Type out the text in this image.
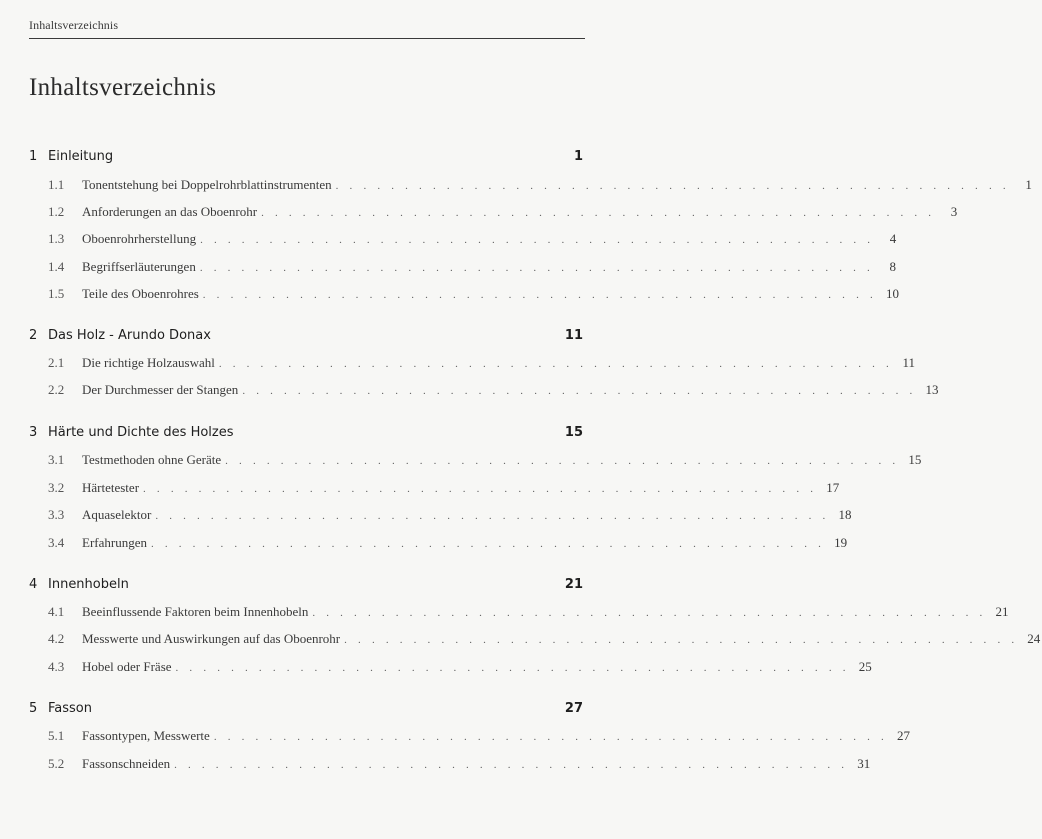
Inhaltsverzeichnis
Inhaltsverzeichnis
1 Einleitung	1
1.1	Tonentstehung bei Doppelrohrblattinstrumenten . . . . . . . . . . . . . . . . . . . . . . . . . . . . . . . . . . . . . . . . . . . . . . . . .	1
1.2	Anforderungen an das Oboenrohr . . . . . . . . . . . . . . . . . . . . . . . . . . . . . . . . . . . . . . . . . . . . . . . . .	3
1.3	Oboenrohrherstellung . . . . . . . . . . . . . . . . . . . . . . . . . . . . . . . . . . . . . . . . . . . . . . . . .	4
1.4	Begriffserläuterungen . . . . . . . . . . . . . . . . . . . . . . . . . . . . . . . . . . . . . . . . . . . . . . . . .	8
1.5	Teile des Oboenrohres . . . . . . . . . . . . . . . . . . . . . . . . . . . . . . . . . . . . . . . . . . . . . . . . . 10
2 Das Holz - Arundo Donax	11
2.1	Die richtige Holzauswahl . . . . . . . . . . . . . . . . . . . . . . . . . . . . . . . . . . . . . . . . . . . . . . . . . 11
2.2	Der Durchmesser der Stangen . . . . . . . . . . . . . . . . . . . . . . . . . . . . . . . . . . . . . . . . . . . . . . . . . 13
3 Härte und Dichte des Holzes	15
3.1	Testmethoden ohne Geräte . . . . . . . . . . . . . . . . . . . . . . . . . . . . . . . . . . . . . . . . . . . . . . . . . 15
3.2	Härtetester . . . . . . . . . . . . . . . . . . . . . . . . . . . . . . . . . . . . . . . . . . . . . . . . . 17
3.3	Aquaselektor . . . . . . . . . . . . . . . . . . . . . . . . . . . . . . . . . . . . . . . . . . . . . . . . . 18
3.4	Erfahrungen . . . . . . . . . . . . . . . . . . . . . . . . . . . . . . . . . . . . . . . . . . . . . . . . . 19
4 Innenhobeln	21
4.1	Beeinflussende Faktoren beim Innenhobeln . . . . . . . . . . . . . . . . . . . . . . . . . . . . . . . . . . . . . . . . . . . . . . . . . 21
4.2	Messwerte und Auswirkungen auf das Oboenrohr . . . . . . . . . . . . . . . . . . . . . . . . . . . . . . . . . . . . . . . . . . . . . . . . . 24
4.3	Hobel oder Fräse . . . . . . . . . . . . . . . . . . . . . . . . . . . . . . . . . . . . . . . . . . . . . . . . . 25
5 Fasson	27
5.1	Fassontypen, Messwerte . . . . . . . . . . . . . . . . . . . . . . . . . . . . . . . . . . . . . . . . . . . . . . . . . 27
5.2	Fassonschneiden . . . . . . . . . . . . . . . . . . . . . . . . . . . . . . . . . . . . . . . . . . . . . . . . . 31
